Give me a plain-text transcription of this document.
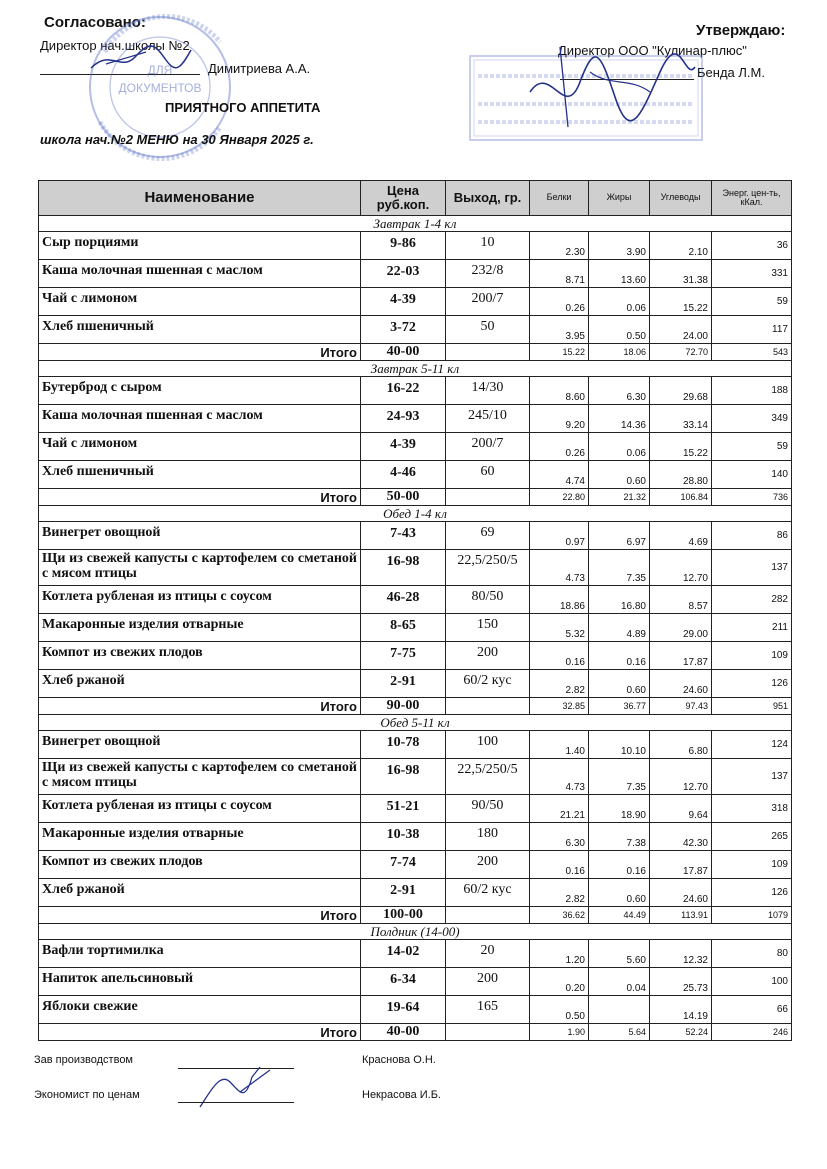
Согласовано:
Директор нач.школы №2
Димитриева А.А.
Утверждаю:
Директор ООО "Кулинар-плюс"
Бенда Л.М.
ДЛЯ
ДОКУМЕНТОВ
ПРИЯТНОГО АППЕТИТА
школа нач.№2 МЕНЮ на 30 Января 2025 г.
Наименование	Цена руб.коп.	Выход, гр.	Белки	Жиры	Углеводы	Энерг. цен-ть, кКал.
Завтрак 1-4 кл						
Сыр порциями	9-86	10	2.30	3.90	2.10	36
Каша молочная пшенная с маслом	22-03	232/8	8.71	13.60	31.38	331
Чай с лимоном	4-39	200/7	0.26	0.06	15.22	59
Хлеб пшеничный	3-72	50	3.95	0.50	24.00	117
Итого	40-00		15.22	18.06	72.70	543
Завтрак 5-11 кл						
Бутерброд с сыром	16-22	14/30	8.60	6.30	29.68	188
Каша молочная пшенная с маслом	24-93	245/10	9.20	14.36	33.14	349
Чай с лимоном	4-39	200/7	0.26	0.06	15.22	59
Хлеб пшеничный	4-46	60	4.74	0.60	28.80	140
Итого	50-00		22.80	21.32	106.84	736
Обед 1-4 кл						
Винегрет овощной	7-43	69	0.97	6.97	4.69	86
Щи из свежей капусты с картофелем со сметаной с мясом птицы	16-98	22,5/250/5	4.73	7.35	12.70	137
Котлета рубленая из птицы с соусом	46-28	80/50	18.86	16.80	8.57	282
Макаронные изделия отварные	8-65	150	5.32	4.89	29.00	211
Компот из свежих плодов	7-75	200	0.16	0.16	17.87	109
Хлеб ржаной	2-91	60/2 кус	2.82	0.60	24.60	126
Итого	90-00		32.85	36.77	97.43	951
Обед 5-11 кл						
Винегрет овощной	10-78	100	1.40	10.10	6.80	124
Щи из свежей капусты с картофелем со сметаной с мясом птицы	16-98	22,5/250/5	4.73	7.35	12.70	137
Котлета рубленая из птицы с соусом	51-21	90/50	21.21	18.90	9.64	318
Макаронные изделия отварные	10-38	180	6.30	7.38	42.30	265
Компот из свежих плодов	7-74	200	0.16	0.16	17.87	109
Хлеб ржаной	2-91	60/2 кус	2.82	0.60	24.60	126
Итого	100-00		36.62	44.49	113.91	1079
Полдник (14-00)						
Вафли тортимилка	14-02	20	1.20	5.60	12.32	80
Напиток апельсиновый	6-34	200	0.20	0.04	25.73	100
Яблоки свежие	19-64	165	0.50		14.19	66
Итого	40-00		1.90	5.64	52.24	246
Зав производством	Краснова О.Н.
Экономист по ценам	Некрасова И.Б.
